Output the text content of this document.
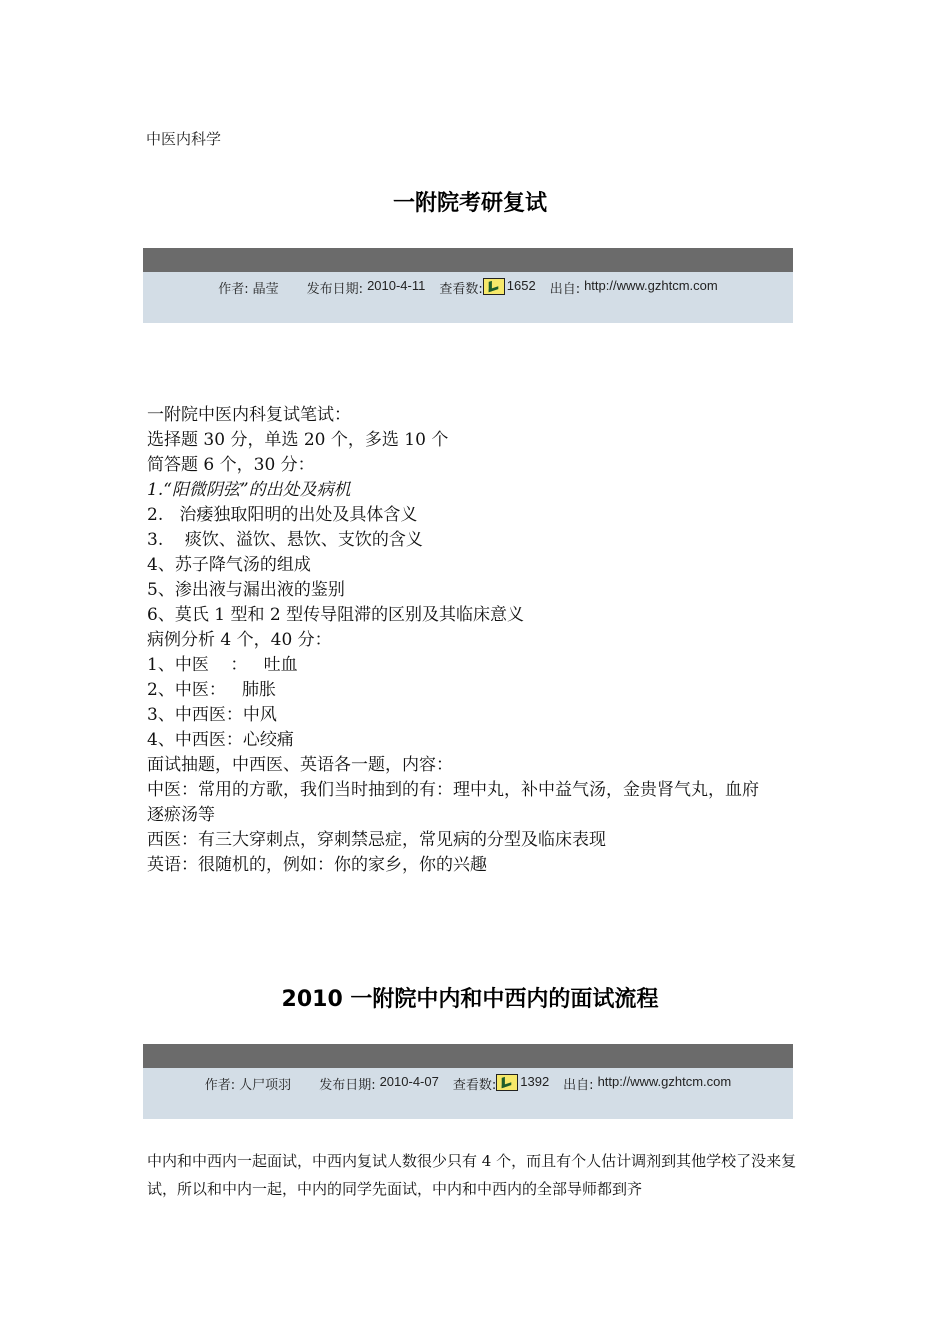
中医内科学
一附院考研复试
作者: 晶莹 发布日期: 2010-4-11 查看数: 1652 出自: http://www.gzhtcm.com

一附院中医内科复试笔试：

选择题 30 分，单选 20 个，多选 10 个

简答题 6 个，30 分：

1.“阳微阴弦”的出处及病机

2.   治痿独取阳明的出处及具体含义

3.    痰饮、溢饮、悬饮、支饮的含义

4、苏子降气汤的组成

5、渗出液与漏出液的鉴别

6、莫氏 1 型和 2 型传导阻滞的区别及其临床意义

病例分析 4 个，40 分：

1、中医    ：   吐血

2、中医：   肺胀

3、中西医：中风

4、中西医：心绞痛

面试抽题，中西医、英语各一题，内容：

中医：常用的方歌，我们当时抽到的有：理中丸，补中益气汤，金贵肾气丸，血府逐瘀汤等

西医：有三大穿刺点，穿刺禁忌症，常见病的分型及临床表现

英语：很随机的，例如：你的家乡，你的兴趣

2010 一附院中内和中西内的面试流程
作者: 人尸项羽 发布日期: 2010-4-07 查看数: 1392 出自: http://www.gzhtcm.com

中内和中西内一起面试，中西内复试人数很少只有 4 个，而且有个人估计调剂到其他学校了没来复试，所以和中内一起，中内的同学先面试，中内和中西内的全部导师都到齐
